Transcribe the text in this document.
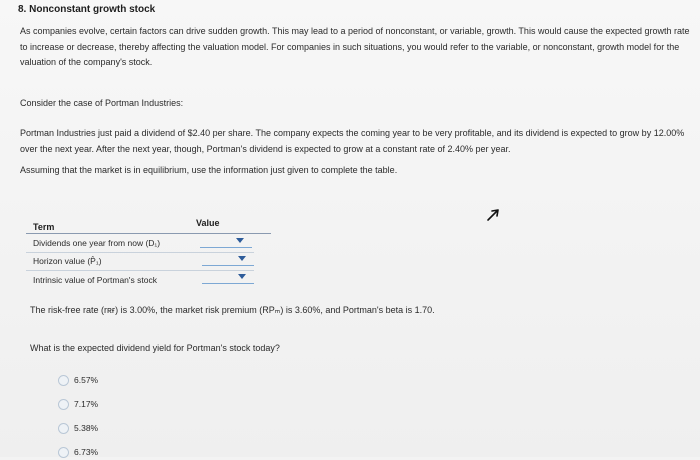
8. Nonconstant growth stock
As companies evolve, certain factors can drive sudden growth. This may lead to a period of nonconstant, or variable, growth. This would cause the expected growth rate to increase or decrease, thereby affecting the valuation model. For companies in such situations, you would refer to the variable, or nonconstant, growth model for the valuation of the company's stock.
Consider the case of Portman Industries:
Portman Industries just paid a dividend of $2.40 per share. The company expects the coming year to be very profitable, and its dividend is expected to grow by 12.00% over the next year. After the next year, though, Portman's dividend is expected to grow at a constant rate of 2.40% per year.
Assuming that the market is in equilibrium, use the information just given to complete the table.
Term	Value
Dividends one year from now (D₁)
Horizon value (P̂₁)
Intrinsic value of Portman's stock
The risk-free rate (rʀғ) is 3.00%, the market risk premium (RPₘ) is 3.60%, and Portman's beta is 1.70.
What is the expected dividend yield for Portman's stock today?
6.57%
7.17%
5.38%
6.73%
